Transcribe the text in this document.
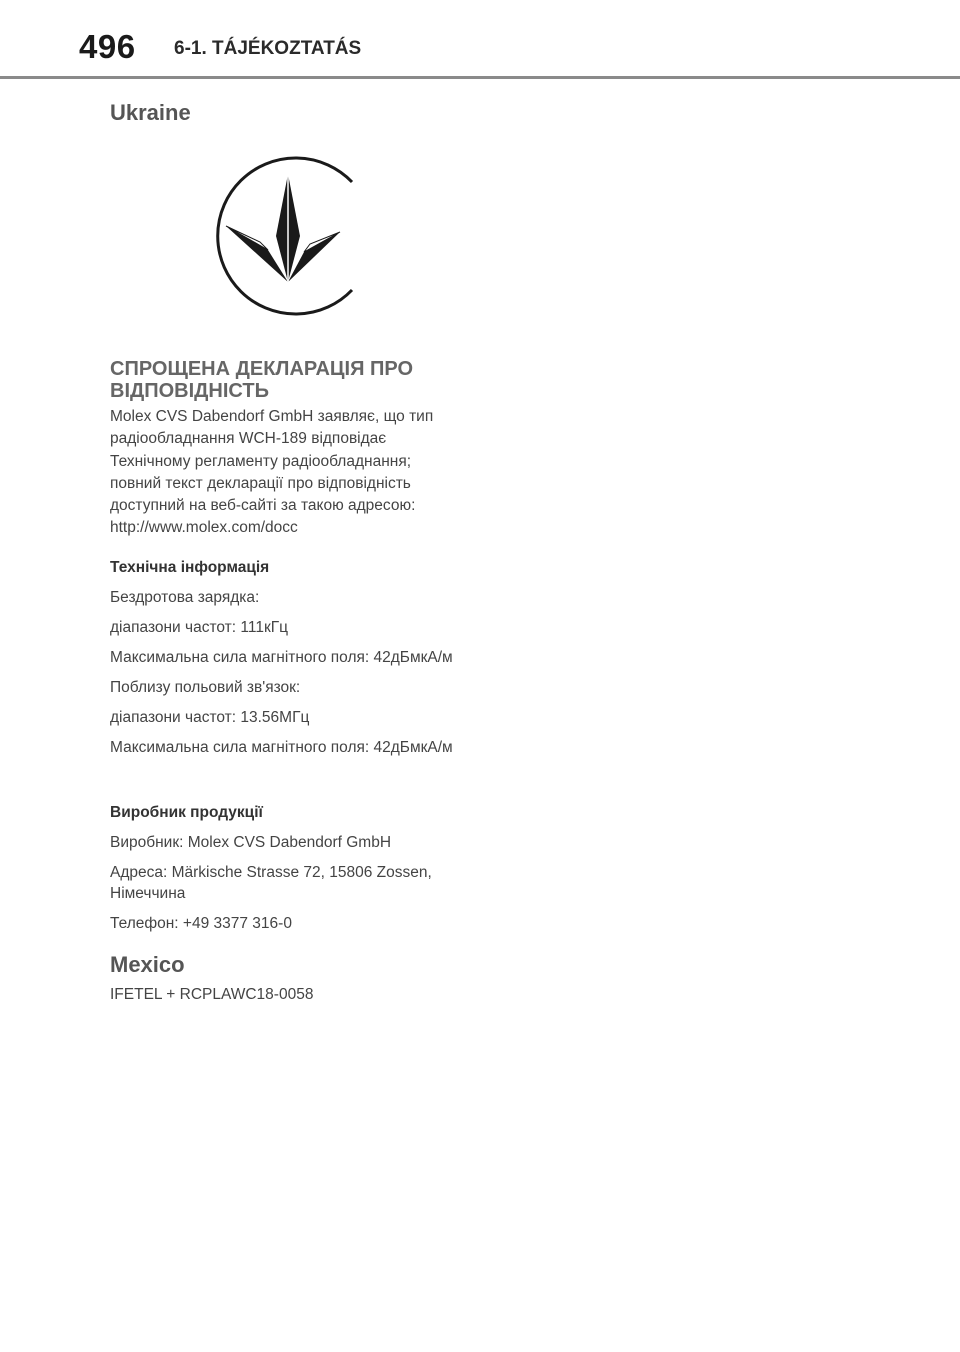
496 6-1. TÁJÉKOZTATÁS
Ukraine
СПРОЩЕНА ДЕКЛАРАЦІЯ ПРО ВІДПОВІДНІСТЬ
Molex CVS Dabendorf GmbH заявляє, що тип
радіообладнання WCH-189 відповідає
Технічному регламенту радіообладнання;
повний текст декларації про відповідність
доступний на веб-сайті за такою адресою:
http://www.molex.com/docc
Технічна інформація

Бездротова зарядка:

діапазони частот: 111кГц

Максимальна сила магнітного поля: 42дБмкА/м

Поблизу польовий зв'язок:

діапазони частот: 13.56МГц

Максимальна сила магнітного поля: 42дБмкА/м

Виробник продукції

Виробник: Molex CVS Dabendorf GmbH

Адреса: Märkische Strasse 72, 15806 Zossen, Німеччина

Телефон: +49 3377 316-0

Mexico

IFETEL + RCPLAWC18-0058
